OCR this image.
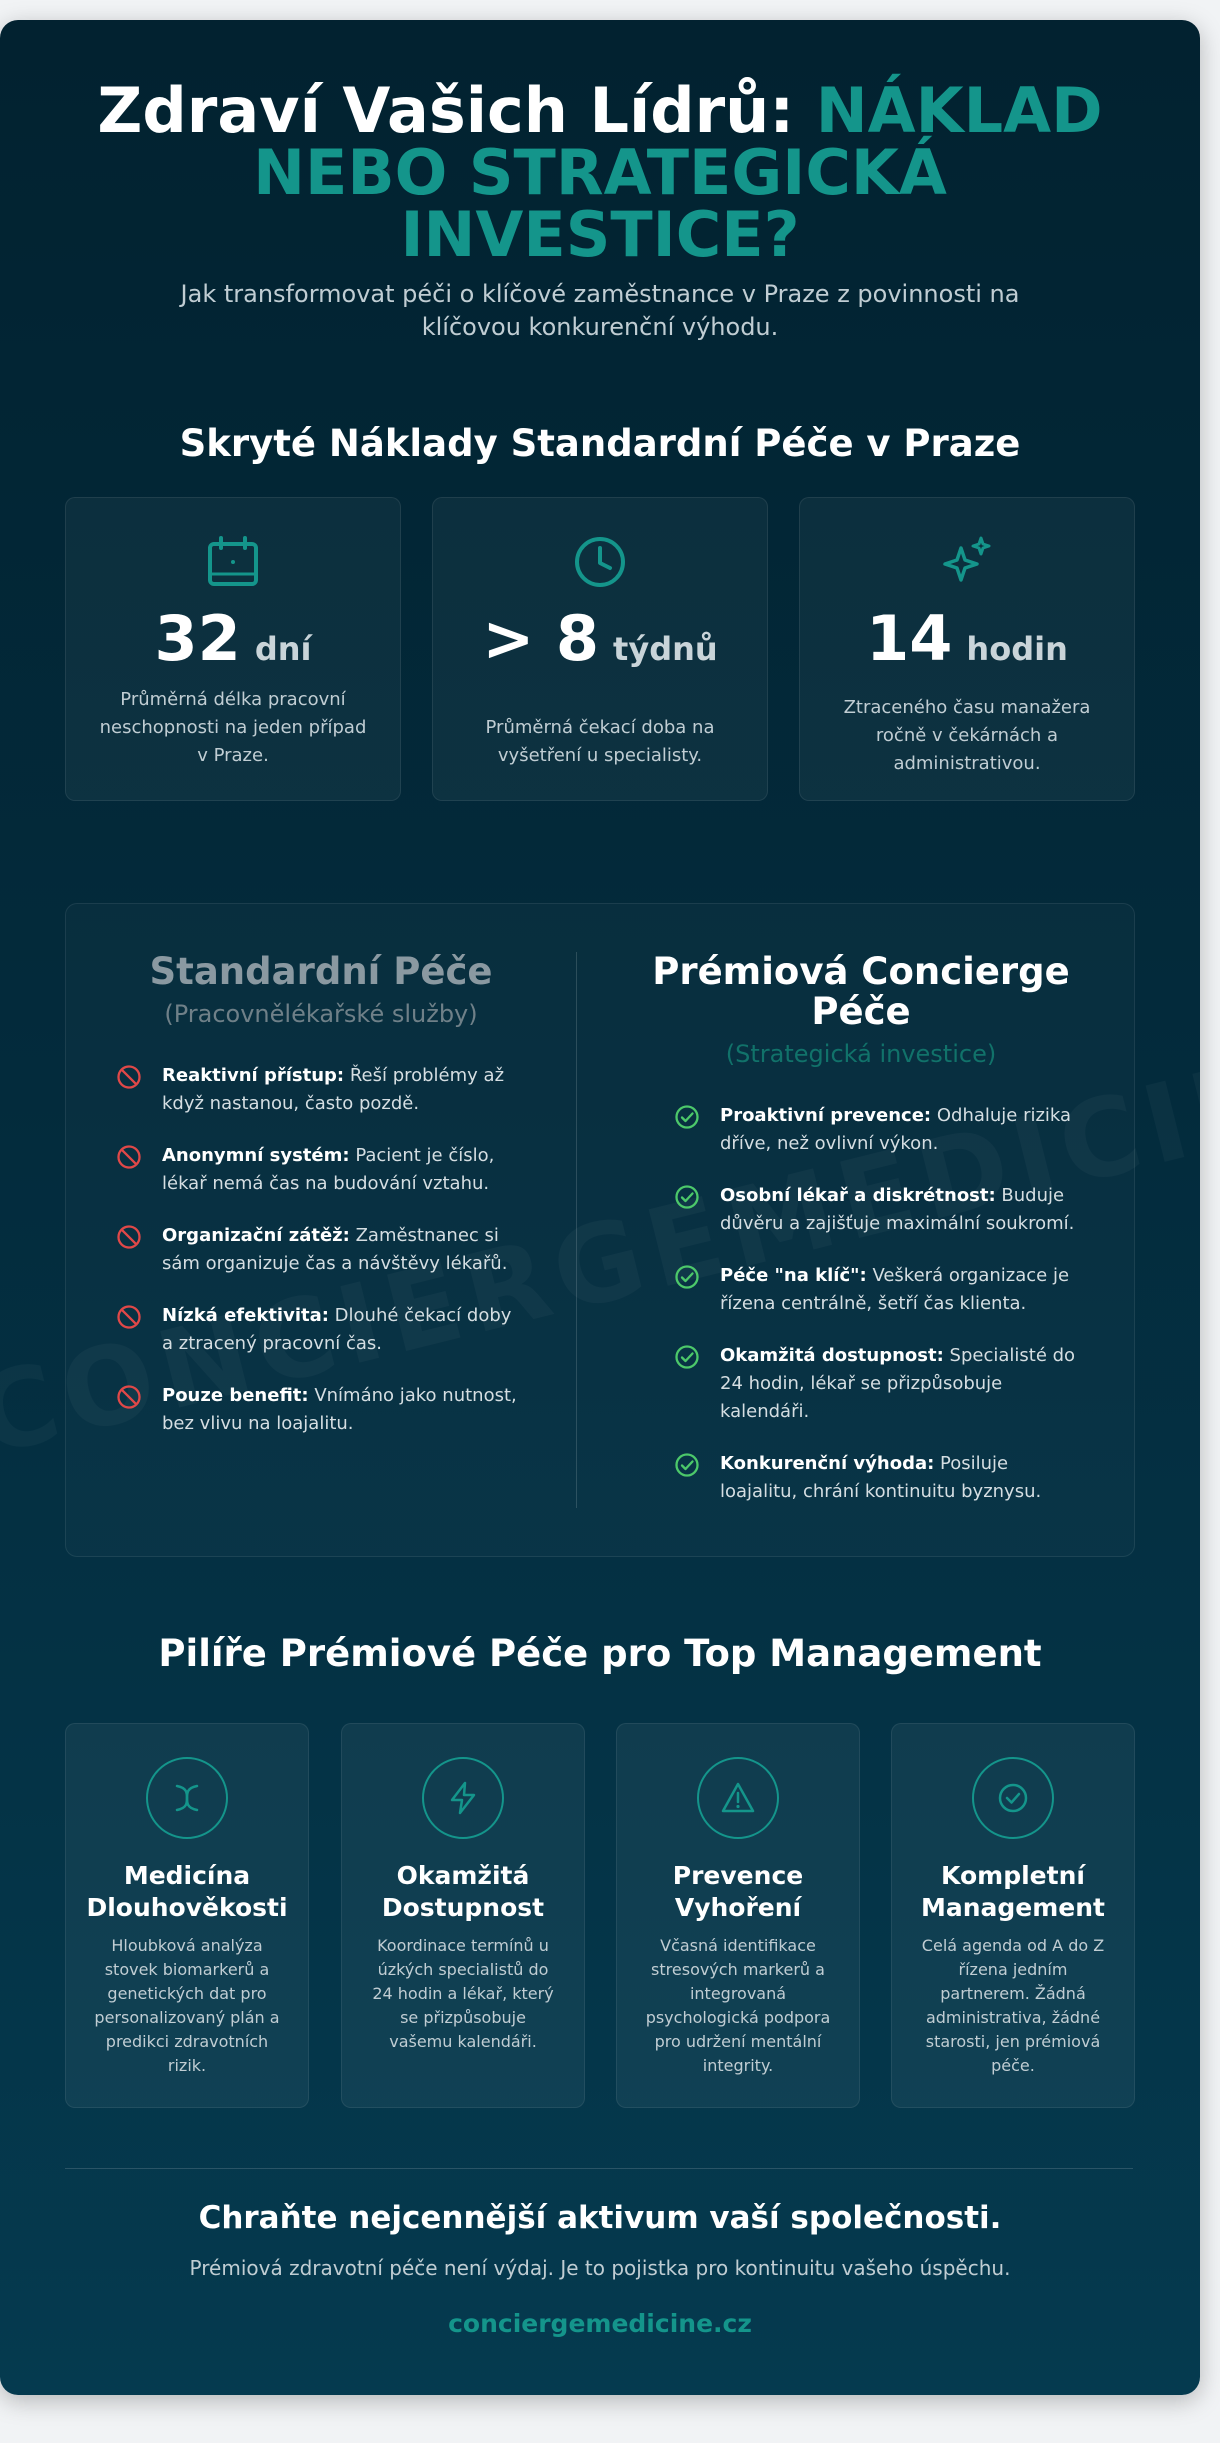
Zdraví Vašich Lídrů: NÁKLAD NEBO STRATEGICKÁ INVESTICE?
Jak transformovat péči o klíčové zaměstnance v Praze z povinnosti na klíčovou konkurenční výhodu.
Skryté Náklady Standardní Péče v Praze
32 dní
Průměrná délka pracovní neschopnosti na jeden případ v Praze.
> 8 týdnů
Průměrná čekací doba na vyšetření u specialisty.
14 hodin
Ztraceného času manažera ročně v čekárnách a administrativou.
Standardní Péče
(Pracovnělékařské služby)
Reaktivní přístup: Řeší problémy až když nastanou, často pozdě.
Anonymní systém: Pacient je číslo, lékař nemá čas na budování vztahu.
Organizační zátěž: Zaměstnanec si sám organizuje čas a návštěvy lékařů.
Nízká efektivita: Dlouhé čekací doby a ztracený pracovní čas.
Pouze benefit: Vnímáno jako nutnost, bez vlivu na loajalitu.
Prémiová Concierge Péče
(Strategická investice)
Proaktivní prevence: Odhaluje rizika dříve, než ovlivní výkon.
Osobní lékař a diskrétnost: Buduje důvěru a zajišťuje maximální soukromí.
Péče "na klíč": Veškerá organizace je řízena centrálně, šetří čas klienta.
Okamžitá dostupnost: Specialisté do 24 hodin, lékař se přizpůsobuje kalendáři.
Konkurenční výhoda: Posiluje loajalitu, chrání kontinuitu byznysu.
Pilíře Prémiové Péče pro Top Management
Medicína Dlouhověkosti
Hloubková analýza stovek biomarkerů a genetických dat pro personalizovaný plán a predikci zdravotních rizik.
Okamžitá Dostupnost
Koordinace termínů u úzkých specialistů do 24 hodin a lékař, který se přizpůsobuje vašemu kalendáři.
Prevence Vyhoření
Včasná identifikace stresových markerů a integrovaná psychologická podpora pro udržení mentální integrity.
Kompletní Management
Celá agenda od A do Z řízena jedním partnerem. Žádná administrativa, žádné starosti, jen prémiová péče.
Chraňte nejcennější aktivum vaší společnosti.
Prémiová zdravotní péče není výdaj. Je to pojistka pro kontinuitu vašeho úspěchu.
conciergemedicine.cz
